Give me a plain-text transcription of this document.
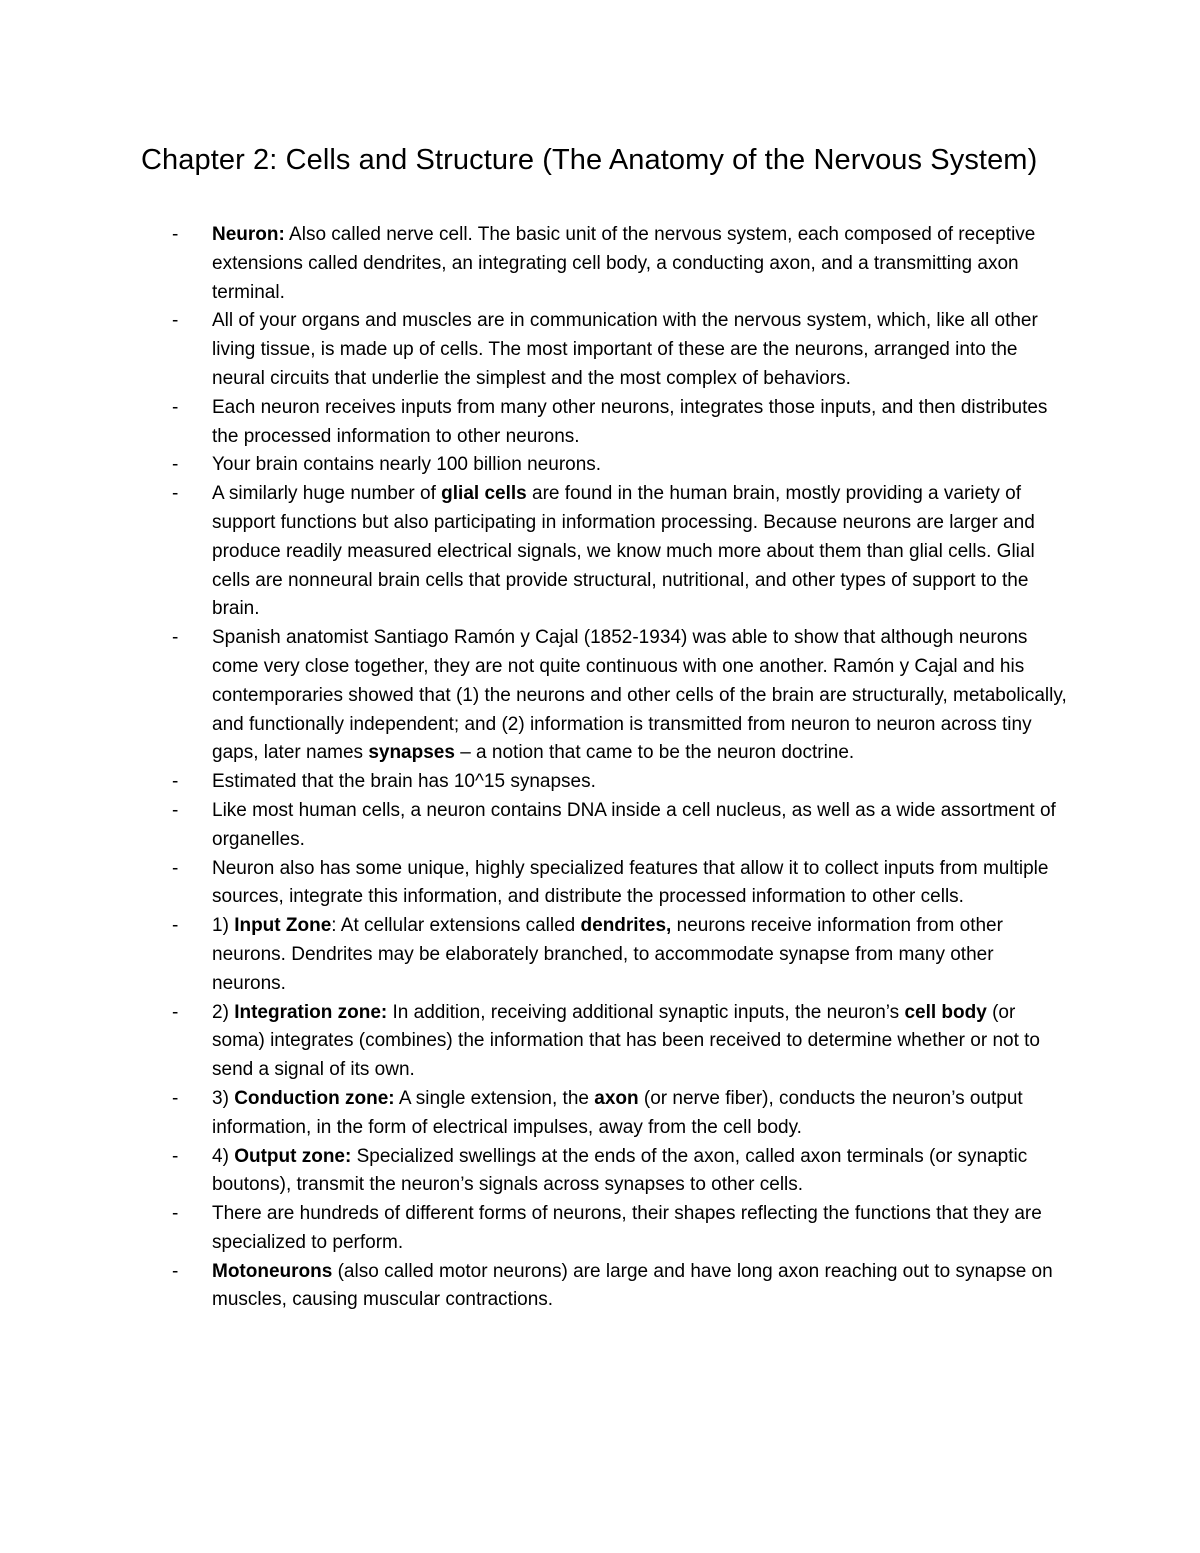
Chapter 2: Cells and Structure (The Anatomy of the Nervous System)
- Neuron: Also called nerve cell. The basic unit of the nervous system, each composed of receptive extensions called dendrites, an integrating cell body, a conducting axon, and a transmitting axon terminal.
- All of your organs and muscles are in communication with the nervous system, which, like all other living tissue, is made up of cells. The most important of these are the neurons, arranged into the neural circuits that underlie the simplest and the most complex of behaviors.
- Each neuron receives inputs from many other neurons, integrates those inputs, and then distributes the processed information to other neurons.
- Your brain contains nearly 100 billion neurons.
- A similarly huge number of glial cells are found in the human brain, mostly providing a variety of support functions but also participating in information processing. Because neurons are larger and produce readily measured electrical signals, we know much more about them than glial cells. Glial cells are nonneural brain cells that provide structural, nutritional, and other types of support to the brain.
- Spanish anatomist Santiago Ramón y Cajal (1852-1934) was able to show that although neurons come very close together, they are not quite continuous with one another. Ramón y Cajal and his contemporaries showed that (1) the neurons and other cells of the brain are structurally, metabolically, and functionally independent; and (2) information is transmitted from neuron to neuron across tiny gaps, later names synapses – a notion that came to be the neuron doctrine.
- Estimated that the brain has 10^15 synapses.
- Like most human cells, a neuron contains DNA inside a cell nucleus, as well as a wide assortment of organelles.
- Neuron also has some unique, highly specialized features that allow it to collect inputs from multiple sources, integrate this information, and distribute the processed information to other cells.
- 1) Input Zone: At cellular extensions called dendrites, neurons receive information from other neurons. Dendrites may be elaborately branched, to accommodate synapse from many other neurons.
- 2) Integration zone: In addition, receiving additional synaptic inputs, the neuron’s cell body (or soma) integrates (combines) the information that has been received to determine whether or not to send a signal of its own.
- 3) Conduction zone: A single extension, the axon (or nerve fiber), conducts the neuron’s output information, in the form of electrical impulses, away from the cell body.
- 4) Output zone: Specialized swellings at the ends of the axon, called axon terminals (or synaptic boutons), transmit the neuron’s signals across synapses to other cells.
- There are hundreds of different forms of neurons, their shapes reflecting the functions that they are specialized to perform.
- Motoneurons (also called motor neurons) are large and have long axon reaching out to synapse on muscles, causing muscular contractions.
